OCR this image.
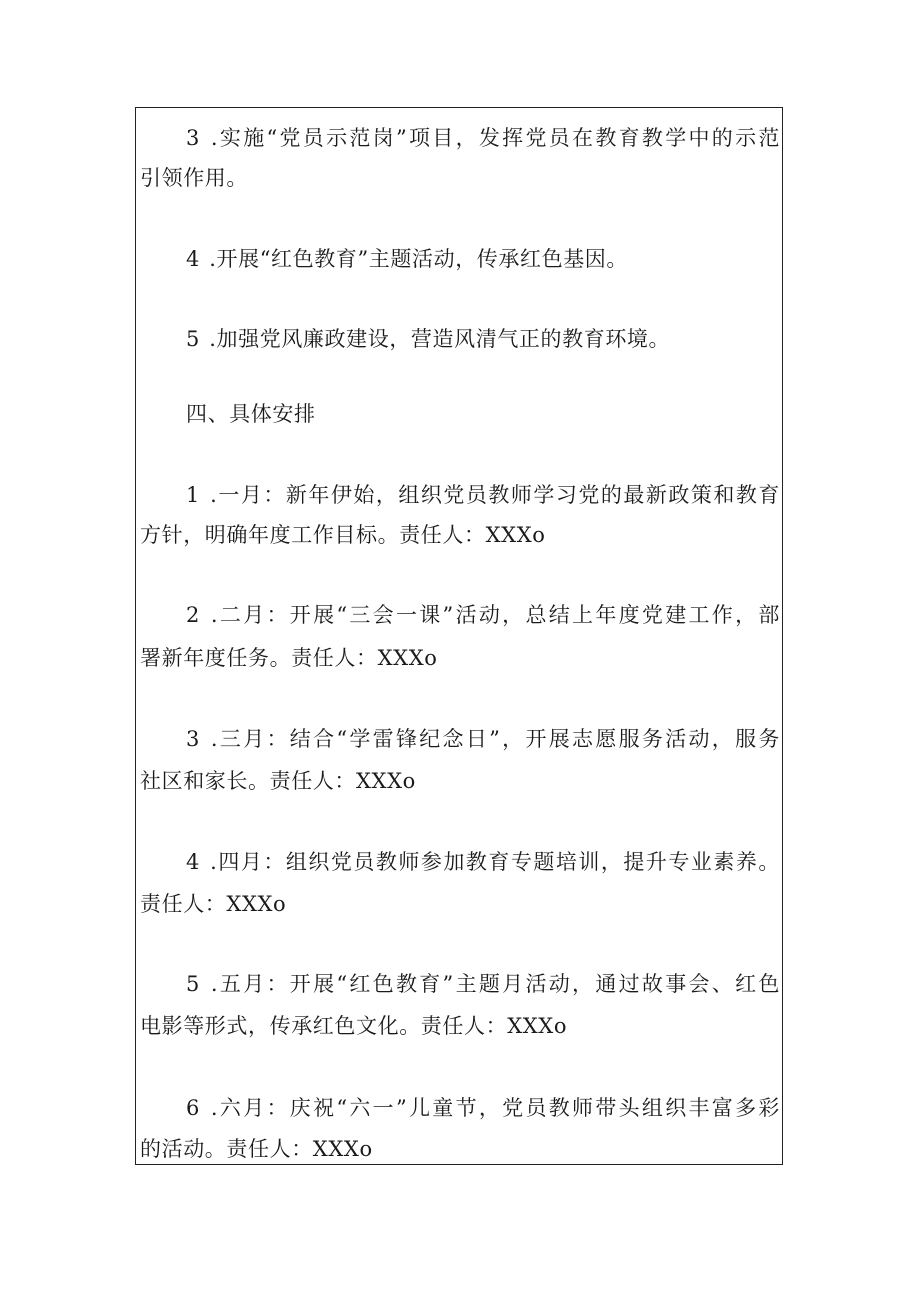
3 .实施“党员示范岗”项目，发挥党员在教育教学中的示范
引领作用。
4 .开展“红色教育”主题活动，传承红色基因。
5 .加强党风廉政建设，营造风清气正的教育环境。
四、具体安排
1 .一月：新年伊始，组织党员教师学习党的最新政策和教育
方针，明确年度工作目标。责任人：XXXo
2 .二月：开展“三会一课”活动，总结上年度党建工作，部
署新年度任务。责任人：XXXo
3 .三月：结合“学雷锋纪念日”，开展志愿服务活动，服务
社区和家长。责任人：XXXo
4 .四月：组织党员教师参加教育专题培训，提升专业素养。
责任人：XXXo
5 .五月：开展“红色教育”主题月活动，通过故事会、红色
电影等形式，传承红色文化。责任人：XXXo
6 .六月：庆祝“六一”儿童节，党员教师带头组织丰富多彩
的活动。责任人：XXXo
